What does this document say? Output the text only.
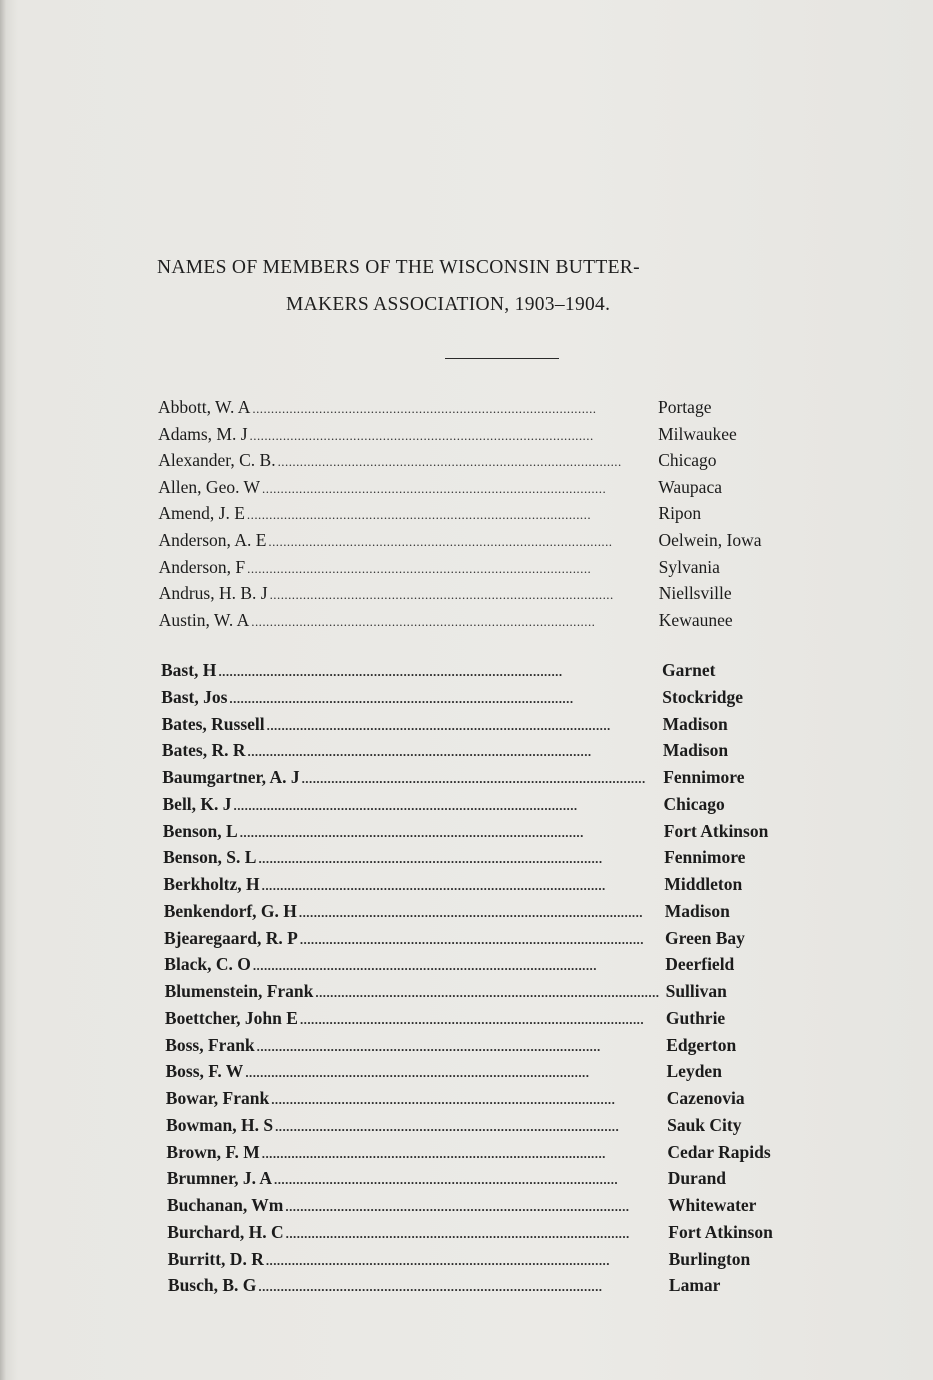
NAMES OF MEMBERS OF THE WISCONSIN BUTTER-
MAKERS ASSOCIATION, 1903–1904.
Abbott, W. A . . .	Portage
Adams, M. J . . .	Milwaukee
Alexander, C. B. . . .	Chicago
Allen, Geo. W . . .	Waupaca
Amend, J. E . . .	Ripon
Anderson, A. E . . .	Oelwein, Iowa
Anderson, F . . .	Sylvania
Andrus, H. B. J . . .	Niellsville
Austin, W. A . . .	Kewaunee
Bast, H . . .	Garnet
Bast, Jos . . .	Stockridge
Bates, Russell . . .	Madison
Bates, R. R . . .	Madison
Baumgartner, A. J . . .	Fennimore
Bell, K. J . . .	Chicago
Benson, L . . .	Fort Atkinson
Benson, S. L . . .	Fennimore
Berkholtz, H . . .	Middleton
Benkendorf, G. H . . .	Madison
Bjearegaard, R. P . . .	Green Bay
Black, C. O . . .	Deerfield
Blumenstein, Frank . . .	Sullivan
Boettcher, John E . . .	Guthrie
Boss, Frank . . .	Edgerton
Boss, F. W . . .	Leyden
Bowar, Frank . . .	Cazenovia
Bowman, H. S . . .	Sauk City
Brown, F. M . . .	Cedar Rapids
Brumner, J. A . . .	Durand
Buchanan, Wm . . .	Whitewater
Burchard, H. C . . .	Fort Atkinson
Burritt, D. R . . .	Burlington
Busch, B. G . . .	Lamar
